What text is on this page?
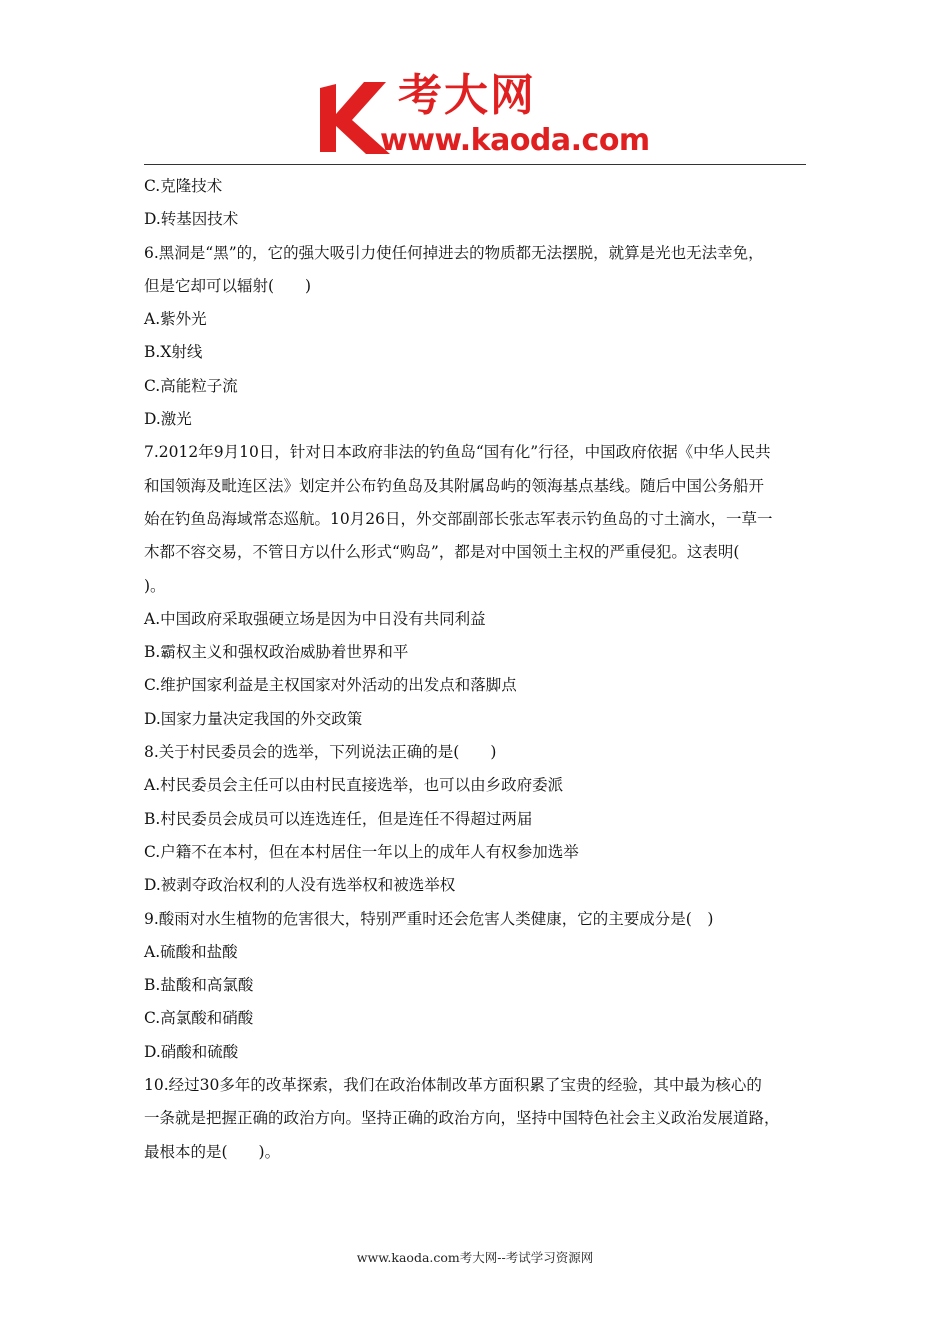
考大网
www.kaoda.com
C.克隆技术
D.转基因技术
6.黑洞是“黑”的，它的强大吸引力使任何掉进去的物质都无法摆脱，就算是光也无法幸免，
但是它却可以辐射(　　)
A.紫外光
B.X射线
C.高能粒子流
D.激光
7.2012年9月10日，针对日本政府非法的钓鱼岛“国有化”行径，中国政府依据《中华人民共
和国领海及毗连区法》划定并公布钓鱼岛及其附属岛屿的领海基点基线。随后中国公务船开
始在钓鱼岛海域常态巡航。10月26日，外交部副部长张志军表示钓鱼岛的寸土滴水，一草一
木都不容交易，不管日方以什么形式“购岛”，都是对中国领土主权的严重侵犯。这表明(
)。
A.中国政府采取强硬立场是因为中日没有共同利益
B.霸权主义和强权政治威胁着世界和平
C.维护国家利益是主权国家对外活动的出发点和落脚点
D.国家力量决定我国的外交政策
8.关于村民委员会的选举，下列说法正确的是(　　)
A.村民委员会主任可以由村民直接选举，也可以由乡政府委派
B.村民委员会成员可以连选连任，但是连任不得超过两届
C.户籍不在本村，但在本村居住一年以上的成年人有权参加选举
D.被剥夺政治权利的人没有选举权和被选举权
9.酸雨对水生植物的危害很大，特别严重时还会危害人类健康，它的主要成分是(　)
A.硫酸和盐酸
B.盐酸和高氯酸
C.高氯酸和硝酸
D.硝酸和硫酸
10.经过30多年的改革探索，我们在政治体制改革方面积累了宝贵的经验，其中最为核心的
一条就是把握正确的政治方向。坚持正确的政治方向，坚持中国特色社会主义政治发展道路，
最根本的是(　　)。
www.kaoda.com考大网--考试学习资源网
